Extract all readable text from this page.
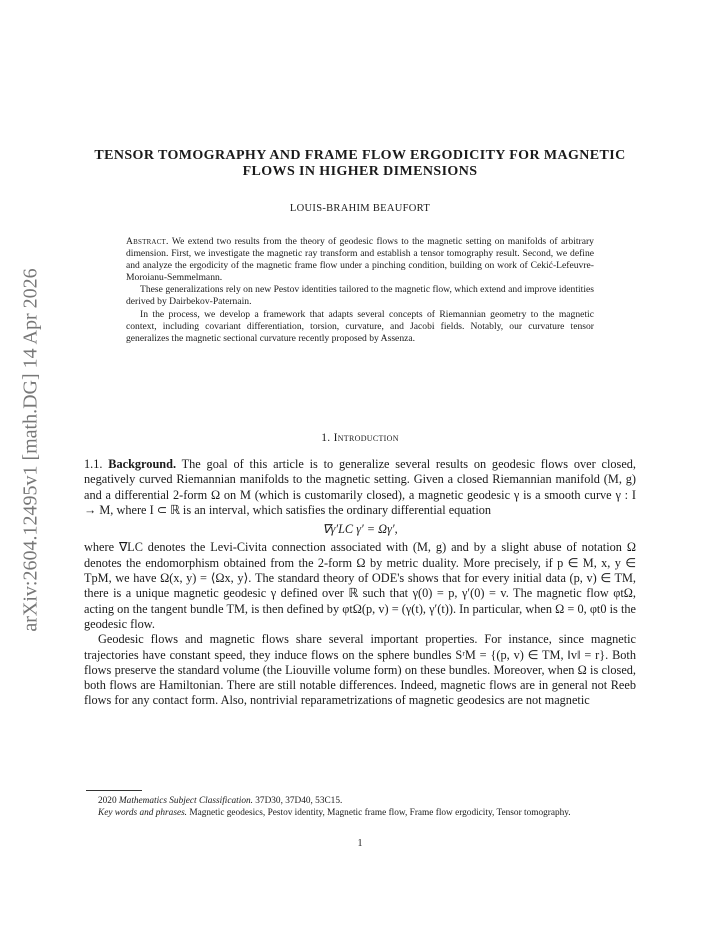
arXiv:2604.12495v1 [math.DG] 14 Apr 2026
TENSOR TOMOGRAPHY AND FRAME FLOW ERGODICITY FOR MAGNETIC FLOWS IN HIGHER DIMENSIONS
LOUIS-BRAHIM BEAUFORT

Abstract. We extend two results from the theory of geodesic flows to the magnetic setting on manifolds of arbitrary dimension. First, we investigate the magnetic ray transform and establish a tensor tomography result. Second, we define and analyze the ergodicity of the magnetic frame flow under a pinching condition, building on work of Cekić-Lefeuvre-Moroianu-Semmelmann.

These generalizations rely on new Pestov identities tailored to the magnetic flow, which extend and improve identities derived by Dairbekov-Paternain.

In the process, we develop a framework that adapts several concepts of Riemannian geometry to the magnetic context, including covariant differentiation, torsion, curvature, and Jacobi fields. Notably, our curvature tensor generalizes the magnetic sectional curvature recently proposed by Assenza.

1. Introduction

1.1. Background. The goal of this article is to generalize several results on geodesic flows over closed, negatively curved Riemannian manifolds to the magnetic setting. Given a closed Riemannian manifold (M, g) and a differential 2-form Ω on M (which is customarily closed), a magnetic geodesic γ is a smooth curve γ : I → M, where I ⊂ ℝ is an interval, which satisfies the ordinary differential equation

∇γ′LC γ′ = Ωγ′,

where ∇LC denotes the Levi-Civita connection associated with (M, g) and by a slight abuse of notation Ω denotes the endomorphism obtained from the 2-form Ω by metric duality. More precisely, if p ∈ M, x, y ∈ TpM, we have Ω(x, y) = ⟨Ωx, y⟩. The standard theory of ODE's shows that for every initial data (p, v) ∈ TM, there is a unique magnetic geodesic γ defined over ℝ such that γ(0) = p, γ′(0) = v. The magnetic flow φtΩ, acting on the tangent bundle TM, is then defined by φtΩ(p, v) = (γ(t), γ′(t)). In particular, when Ω = 0, φt0 is the geodesic flow.

Geodesic flows and magnetic flows share several important properties. For instance, since magnetic trajectories have constant speed, they induce flows on the sphere bundles SʳM = {(p, v) ∈ TM, ‖v‖ = r}. Both flows preserve the standard volume (the Liouville volume form) on these bundles. Moreover, when Ω is closed, both flows are Hamiltonian. There are still notable differences. Indeed, magnetic flows are in general not Reeb flows for any contact form. Also, nontrivial reparametrizations of magnetic geodesics are not magnetic

2020 Mathematics Subject Classification. 37D30, 37D40, 53C15.

Key words and phrases. Magnetic geodesics, Pestov identity, Magnetic frame flow, Frame flow ergodicity, Tensor tomography.

1
